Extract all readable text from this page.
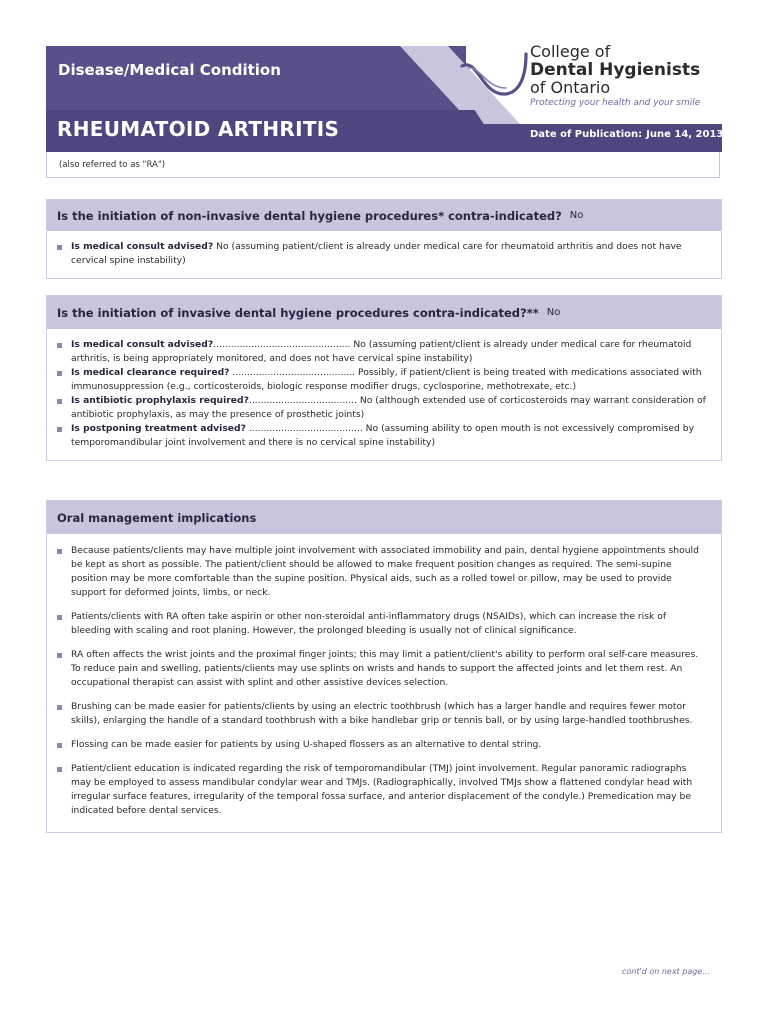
Disease/Medical Condition
RHEUMATOID ARTHRITIS	Date of Publication: June 14, 2013
College of
Dental Hygienists
of Ontario
Protecting your health and your smile
(also referred to as "RA")
Is the initiation of non-invasive dental hygiene procedures* contra-indicated? No
Is medical consult advised? No (assuming patient/client is already under medical care for rheumatoid arthritis and does not have cervical spine instability)
Is the initiation of invasive dental hygiene procedures contra-indicated?** No
Is medical consult advised?............................................... No (assuming patient/client is already under medical care for rheumatoid arthritis, is being appropriately monitored, and does not have cervical spine instability)
Is medical clearance required? .......................................... Possibly, if patient/client is being treated with medications associated with immunosuppression (e.g., corticosteroids, biologic response modifier drugs, cyclosporine, methotrexate, etc.)
Is antibiotic prophylaxis required?..................................... No (although extended use of corticosteroids may warrant consideration of antibiotic prophylaxis, as may the presence of prosthetic joints)
Is postponing treatment advised? ....................................... No (assuming ability to open mouth is not excessively compromised by temporomandibular joint involvement and there is no cervical spine instability)
Oral management implications
Because patients/clients may have multiple joint involvement with associated immobility and pain, dental hygiene appointments should be kept as short as possible. The patient/client should be allowed to make frequent position changes as required. The semi-supine position may be more comfortable than the supine position. Physical aids, such as a rolled towel or pillow, may be used to provide support for deformed joints, limbs, or neck.
Patients/clients with RA often take aspirin or other non-steroidal anti-inflammatory drugs (NSAIDs), which can increase the risk of bleeding with scaling and root planing. However, the prolonged bleeding is usually not of clinical significance.
RA often affects the wrist joints and the proximal finger joints; this may limit a patient/client's ability to perform oral self-care measures. To reduce pain and swelling, patients/clients may use splints on wrists and hands to support the affected joints and let them rest. An occupational therapist can assist with splint and other assistive devices selection.
Brushing can be made easier for patients/clients by using an electric toothbrush (which has a larger handle and requires fewer motor skills), enlarging the handle of a standard toothbrush with a bike handlebar grip or tennis ball, or by using large-handled toothbrushes.
Flossing can be made easier for patients by using U-shaped flossers as an alternative to dental string.
Patient/client education is indicated regarding the risk of temporomandibular (TMJ) joint involvement. Regular panoramic radiographs may be employed to assess mandibular condylar wear and TMJs. (Radiographically, involved TMJs show a flattened condylar head with irregular surface features, irregularity of the temporal fossa surface, and anterior displacement of the condyle.) Premedication may be indicated before dental services.
cont'd on next page...
